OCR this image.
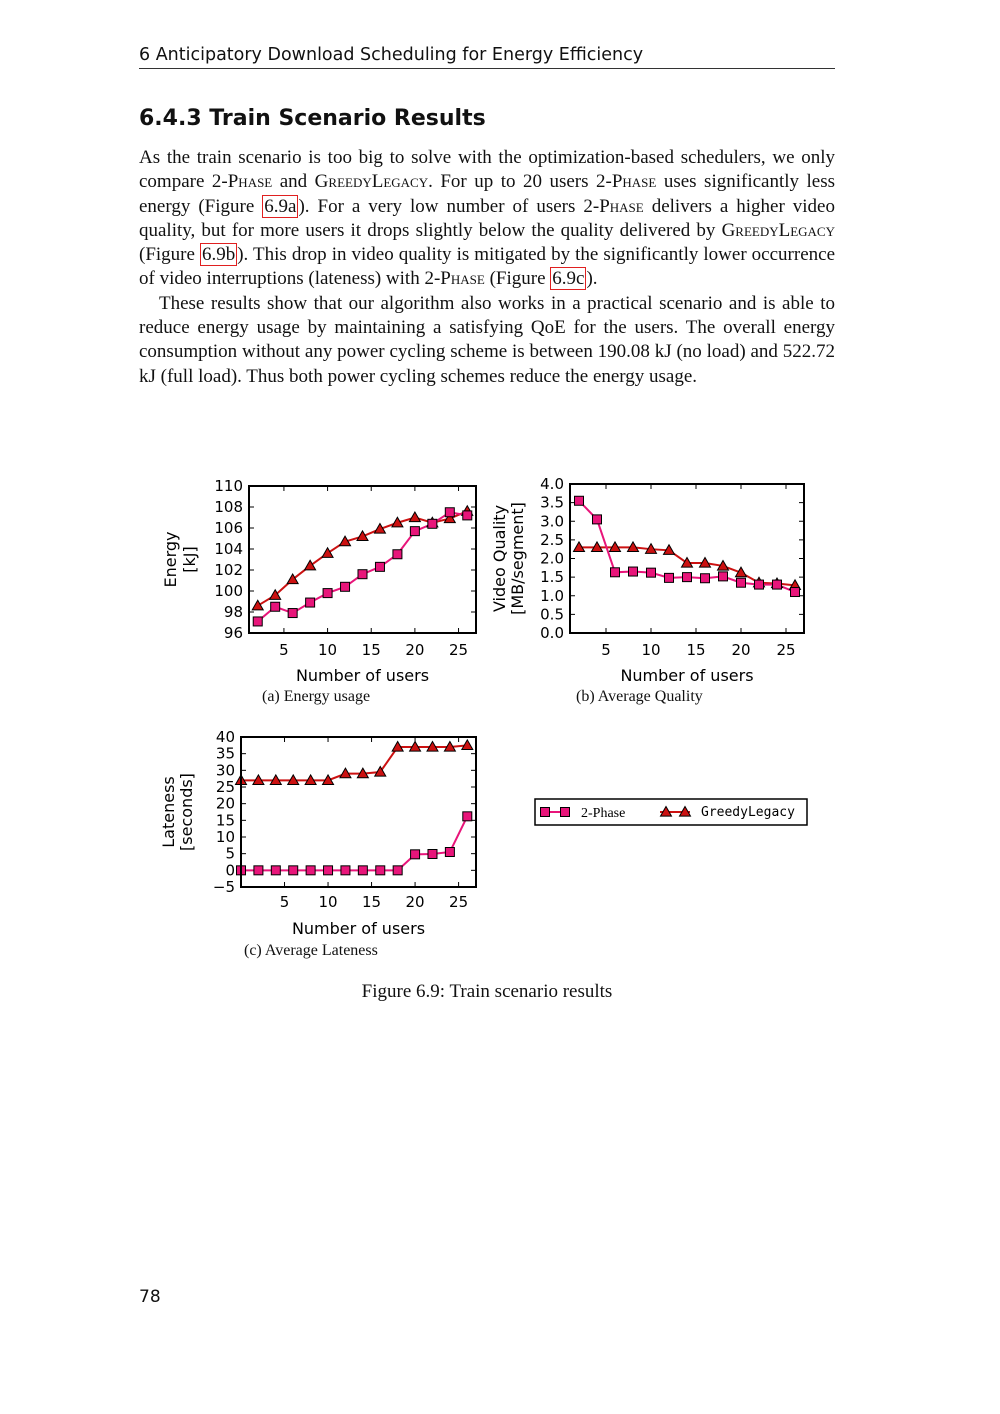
6 Anticipatory Download Scheduling for Energy Efficiency
6.4.3 Train Scenario Results

As the train scenario is too big to solve with the optimization-based schedulers, we only compare 2-Phase and GreedyLegacy. For up to 20 users 2-Phase uses significantly less energy (Figure 6.9a ). For a very low number of users 2-Phase delivers a higher video quality, but for more users it drops slightly below the quality delivered by GreedyLegacy (Figure 6.9b ). This drop in video quality is mitigated by the significantly lower occurrence of video interruptions (lateness) with 2-Phase (Figure 6.9c ).

These results show that our algorithm also works in a practical scenario and is able to reduce energy usage by maintaining a satisfying QoE for the users. The overall energy consumption without any power cycling scheme is between 190.08 kJ (no load) and 522.72 kJ (full load). Thus both power cycling schemes reduce the energy usage.

5 10 15 20 25
96
98
100
102
104
106
108
110
Number of users
Energy [kJ]
5 10 15 20 25
0.0
0.5
1.0
1.5
2.0
2.5
3.0
3.5
4.0
Number of users
Video Quality [MB/segment]
5 10 15 20 25
−5
0
5
10
15
20
25
30
35
40
Number of users
Lateness [seconds]	2-Phase	GreedyLegacy
(a) Energy usage	(b) Average Quality
(c) Average Lateness
Figure 6.9: Train scenario results
78
